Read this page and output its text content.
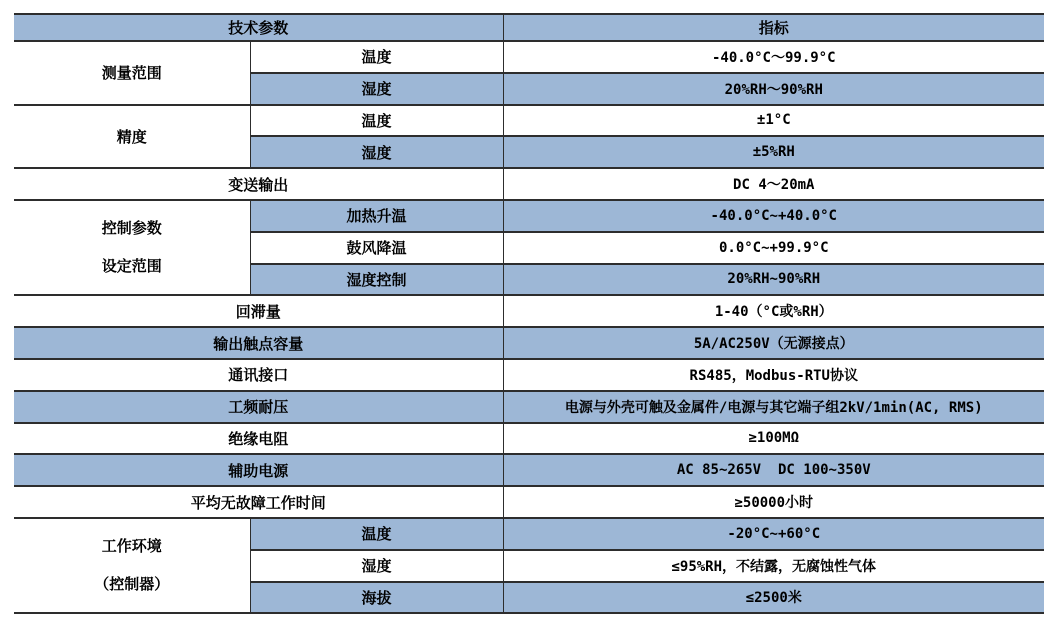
技术参数		指标
测量范围	温度	-40.0°C～99.9°C
	湿度	20%RH～90%RH
精度	温度	±1°C
	湿度	±5%RH
变送输出		DC 4～20mA

控制参数
设定范围	加热升温	-40.0°C~+40.0°C
	鼓风降温	0.0°C~+99.9°C
	湿度控制	20%RH~90%RH
回滞量		1-40（°C或%RH）
输出触点容量		5A/AC250V（无源接点）
通讯接口		RS485，Modbus-RTU协议
工频耐压		电源与外壳可触及金属件/电源与其它端子组2kV/1min(AC, RMS)
绝缘电阻		≥100MΩ
辅助电源		AC 85~265V  DC 100~350V
平均无故障工作时间		≥50000小时

工作环境
（控制器）	温度	-20°C~+60°C
	湿度	≤95%RH，不结露，无腐蚀性气体
	海拔	≤2500米
